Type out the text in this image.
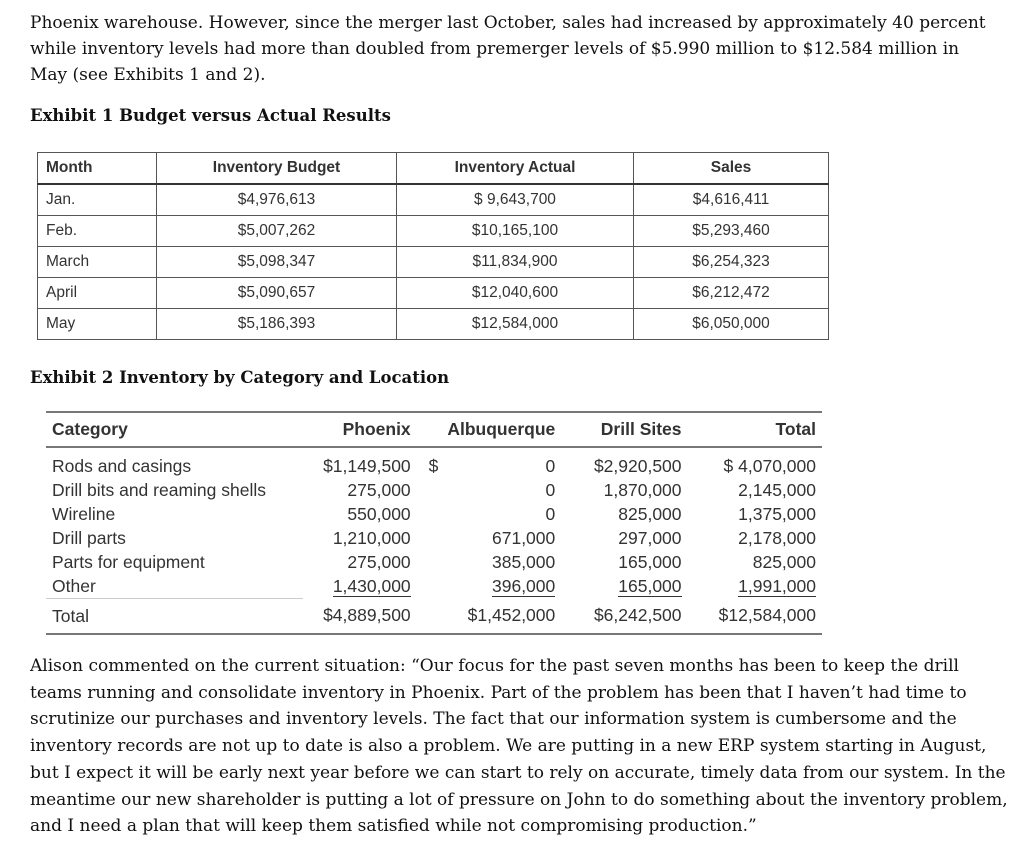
Phoenix warehouse. However, since the merger last October, sales had increased by approximately 40 percent while inventory levels had more than doubled from premerger levels of $5.990 million to $12.584 million in May (see Exhibits 1 and 2).

Exhibit 1 Budget versus Actual Results
Month	Inventory Budget	Inventory Actual	Sales
Jan.	$4,976,613	$ 9,643,700	$4,616,411
Feb.	$5,007,262	$10,165,100	$5,293,460
March	$5,098,347	$11,834,900	$6,254,323
April	$5,090,657	$12,040,600	$6,212,472
May	$5,186,393	$12,584,000	$6,050,000
Exhibit 2 Inventory by Category and Location
Category	Phoenix	Albuquerque	Drill Sites	Total
Rods and casings	$1,149,500	$ 0	$2,920,500	$ 4,070,000
Drill bits and reaming shells	275,000	0	1,870,000	2,145,000
Wireline	550,000	0	825,000	1,375,000
Drill parts	1,210,000	671,000	297,000	2,178,000
Parts for equipment	275,000	385,000	165,000	825,000
Other	1,430,000	396,000	165,000	1,991,000
Total	$4,889,500	$1,452,000	$6,242,500	$12,584,000

Alison commented on the current situation: “Our focus for the past seven months has been to keep the drill teams running and consolidate inventory in Phoenix. Part of the problem has been that I haven’t had time to scrutinize our purchases and inventory levels. The fact that our information system is cumbersome and the inventory records are not up to date is also a problem. We are putting in a new ERP system starting in August, but I expect it will be early next year before we can start to rely on accurate, timely data from our system. In the meantime our new shareholder is putting a lot of pressure on John to do something about the inventory problem, and I need a plan that will keep them satisfied while not compromising production.”
